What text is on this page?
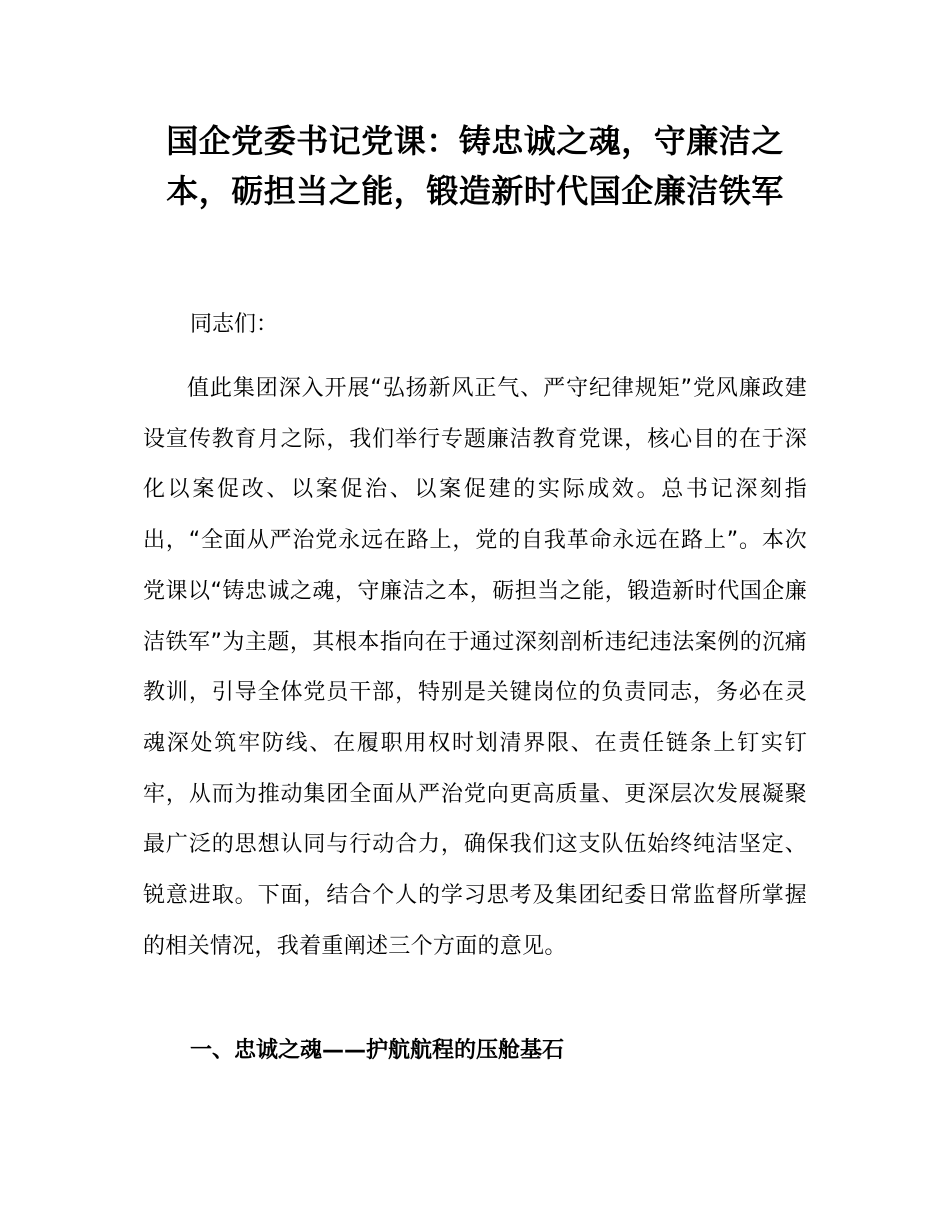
国企党委书记党课：铸忠诚之魂，守廉洁之本，砺担当之能，锻造新时代国企廉洁铁军

同志们：

值此集团深入开展“弘扬新风正气、严守纪律规矩”党风廉政建设宣传教育月之际，我们举行专题廉洁教育党课，核心目的在于深化以案促改、以案促治、以案促建的实际成效。总书记深刻指出，“全面从严治党永远在路上，党的自我革命永远在路上”。本次党课以“铸忠诚之魂，守廉洁之本，砺担当之能，锻造新时代国企廉洁铁军”为主题，其根本指向在于通过深刻剖析违纪违法案例的沉痛教训，引导全体党员干部，特别是关键岗位的负责同志，务必在灵魂深处筑牢防线、在履职用权时划清界限、在责任链条上钉实钉牢，从而为推动集团全面从严治党向更高质量、更深层次发展凝聚最广泛的思想认同与行动合力，确保我们这支队伍始终纯洁坚定、锐意进取。下面，结合个人的学习思考及集团纪委日常监督所掌握的相关情况，我着重阐述三个方面的意见。

一、忠诚之魂——护航航程的压舱基石
